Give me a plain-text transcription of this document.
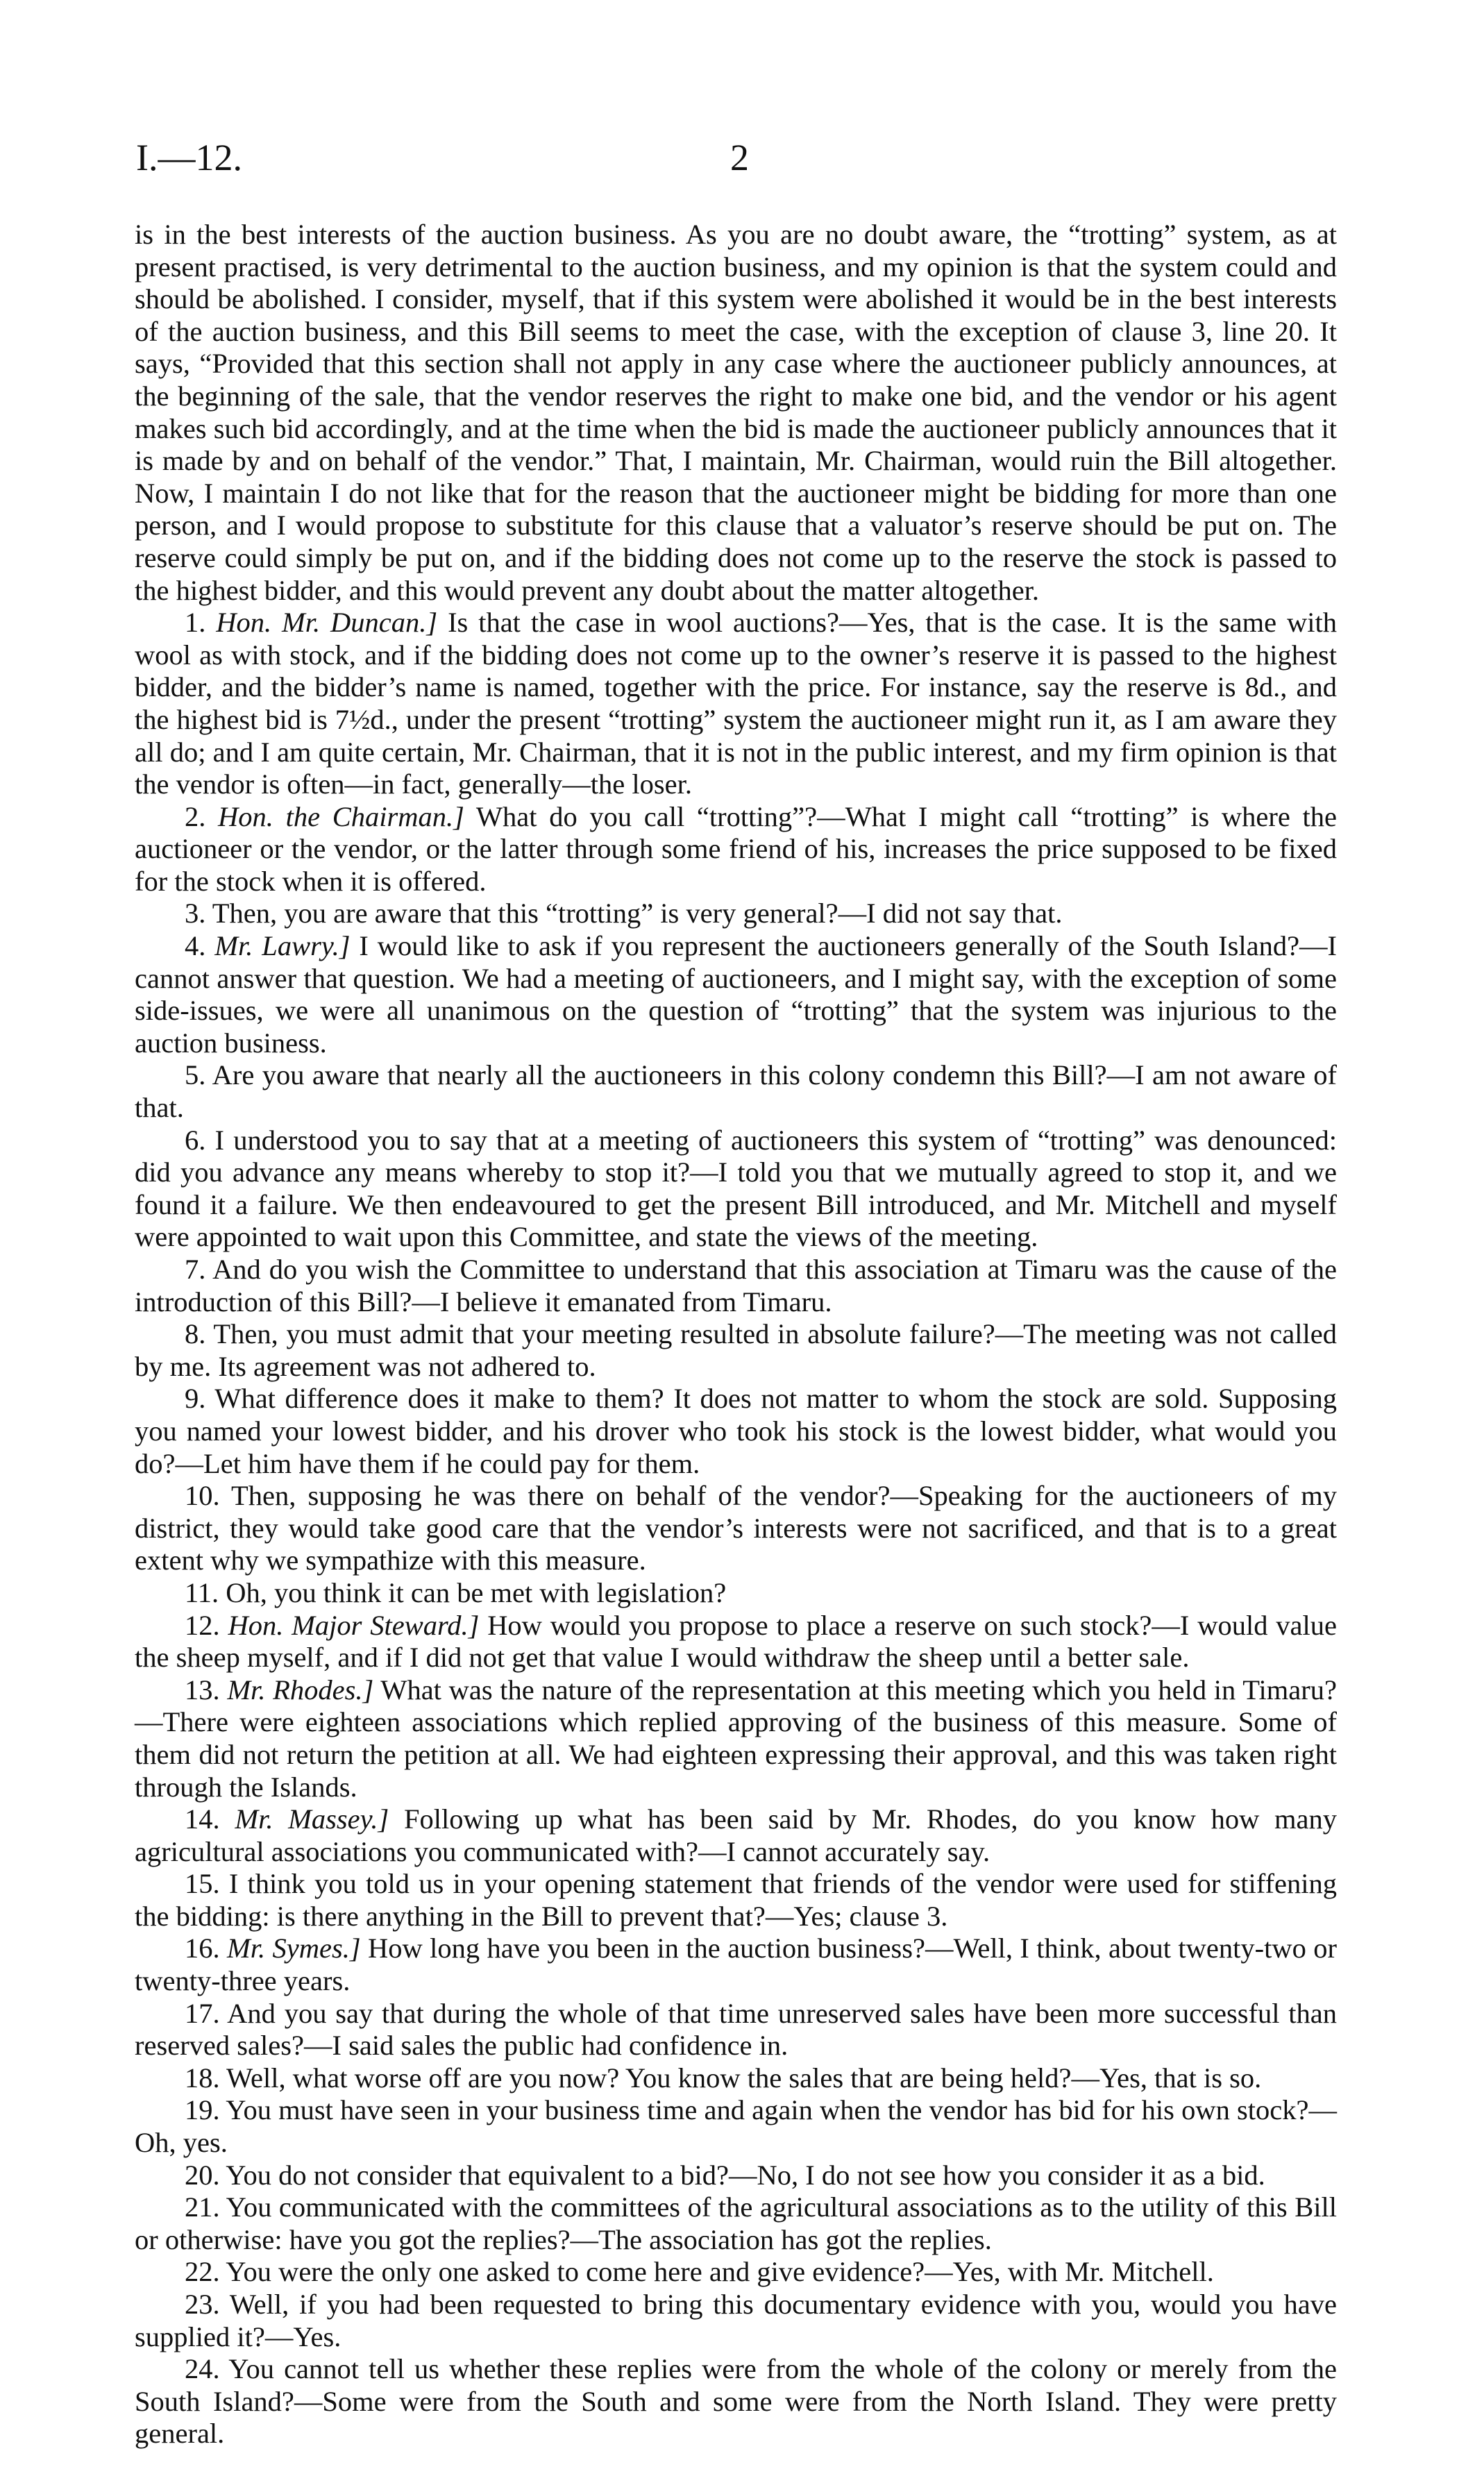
I.—12.	2

is in the best interests of the auction business. As you are no doubt aware, the “trotting” system, as at present practised, is very detrimental to the auction business, and my opinion is that the system could and should be abolished. I consider, myself, that if this system were abolished it would be in the best interests of the auction business, and this Bill seems to meet the case, with the exception of clause 3, line 20. It says, “Provided that this section shall not apply in any case where the auctioneer publicly announces, at the beginning of the sale, that the vendor reserves the right to make one bid, and the vendor or his agent makes such bid accordingly, and at the time when the bid is made the auctioneer publicly announces that it is made by and on behalf of the vendor.” That, I maintain, Mr. Chairman, would ruin the Bill altogether. Now, I maintain I do not like that for the reason that the auctioneer might be bidding for more than one person, and I would propose to substitute for this clause that a valuator’s reserve should be put on. The reserve could simply be put on, and if the bidding does not come up to the reserve the stock is passed to the highest bidder, and this would prevent any doubt about the matter altogether.

1. Hon. Mr. Duncan.] Is that the case in wool auctions?—Yes, that is the case. It is the same with wool as with stock, and if the bidding does not come up to the owner’s reserve it is passed to the highest bidder, and the bidder’s name is named, together with the price. For instance, say the reserve is 8d., and the highest bid is 7½d., under the present “trotting” system the auctioneer might run it, as I am aware they all do; and I am quite certain, Mr. Chairman, that it is not in the public interest, and my firm opinion is that the vendor is often—in fact, generally—the loser.

2. Hon. the Chairman.] What do you call “trotting”?—What I might call “trotting” is where the auctioneer or the vendor, or the latter through some friend of his, increases the price supposed to be fixed for the stock when it is offered.

3. Then, you are aware that this “trotting” is very general?—I did not say that.

4. Mr. Lawry.] I would like to ask if you represent the auctioneers generally of the South Island?—I cannot answer that question. We had a meeting of auctioneers, and I might say, with the exception of some side-issues, we were all unanimous on the question of “trotting” that the system was injurious to the auction business.

5. Are you aware that nearly all the auctioneers in this colony condemn this Bill?—I am not aware of that.

6. I understood you to say that at a meeting of auctioneers this system of “trotting” was denounced: did you advance any means whereby to stop it?—I told you that we mutually agreed to stop it, and we found it a failure. We then endeavoured to get the present Bill introduced, and Mr. Mitchell and myself were appointed to wait upon this Committee, and state the views of the meeting.

7. And do you wish the Committee to understand that this association at Timaru was the cause of the introduction of this Bill?—I believe it emanated from Timaru.

8. Then, you must admit that your meeting resulted in absolute failure?—The meeting was not called by me. Its agreement was not adhered to.

9. What difference does it make to them? It does not matter to whom the stock are sold. Supposing you named your lowest bidder, and his drover who took his stock is the lowest bidder, what would you do?—Let him have them if he could pay for them.

10. Then, supposing he was there on behalf of the vendor?—Speaking for the auctioneers of my district, they would take good care that the vendor’s interests were not sacrificed, and that is to a great extent why we sympathize with this measure.

11. Oh, you think it can be met with legislation?

12. Hon. Major Steward.] How would you propose to place a reserve on such stock?—I would value the sheep myself, and if I did not get that value I would withdraw the sheep until a better sale.

13. Mr. Rhodes.] What was the nature of the representation at this meeting which you held in Timaru?—There were eighteen associations which replied approving of the business of this measure. Some of them did not return the petition at all. We had eighteen expressing their approval, and this was taken right through the Islands.

14. Mr. Massey.] Following up what has been said by Mr. Rhodes, do you know how many agricultural associations you communicated with?—I cannot accurately say.

15. I think you told us in your opening statement that friends of the vendor were used for stiffening the bidding: is there anything in the Bill to prevent that?—Yes; clause 3.

16. Mr. Symes.] How long have you been in the auction business?—Well, I think, about twenty-two or twenty-three years.

17. And you say that during the whole of that time unreserved sales have been more successful than reserved sales?—I said sales the public had confidence in.

18. Well, what worse off are you now? You know the sales that are being held?—Yes, that is so.

19. You must have seen in your business time and again when the vendor has bid for his own stock?—Oh, yes.

20. You do not consider that equivalent to a bid?—No, I do not see how you consider it as a bid.

21. You communicated with the committees of the agricultural associations as to the utility of this Bill or otherwise: have you got the replies?—The association has got the replies.

22. You were the only one asked to come here and give evidence?—Yes, with Mr. Mitchell.

23. Well, if you had been requested to bring this documentary evidence with you, would you have supplied it?—Yes.

24. You cannot tell us whether these replies were from the whole of the colony or merely from the South Island?—Some were from the South and some were from the North Island. They were pretty general.
